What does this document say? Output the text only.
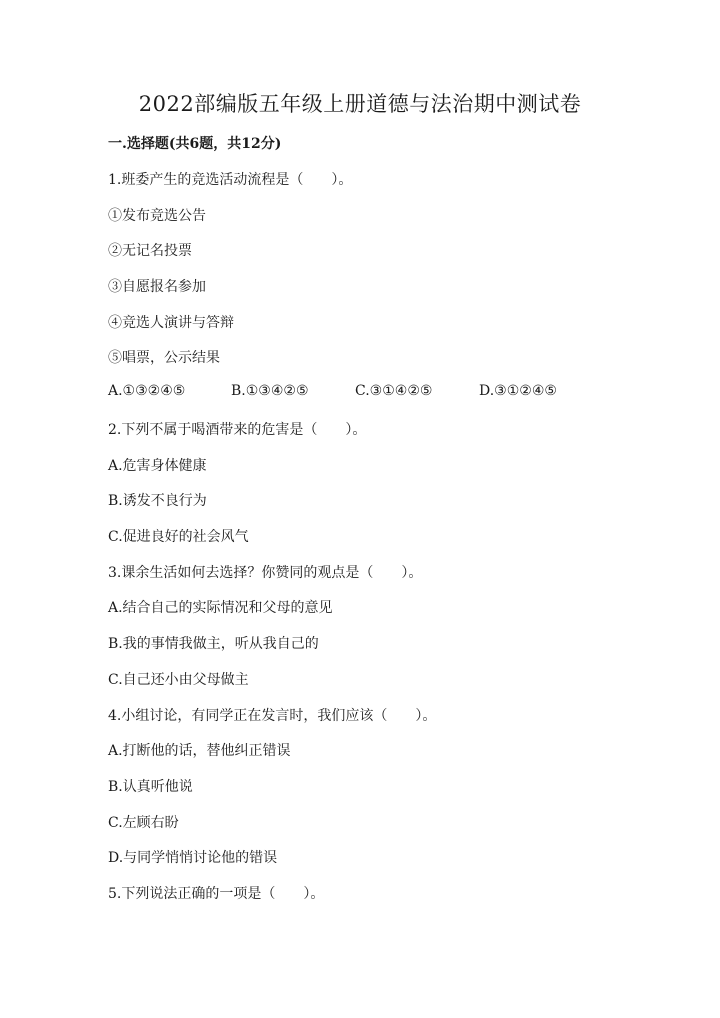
2022部编版五年级上册道德与法治期中测试卷
一.选择题(共6题，共12分)
1.班委产生的竞选活动流程是（　　）。
①发布竞选公告
②无记名投票
③自愿报名参加
④竞选人演讲与答辩
⑤唱票，公示结果
A.①③②④⑤	B.①③④②⑤	C.③①④②⑤	D.③①②④⑤
2.下列不属于喝酒带来的危害是（　　）。
A.危害身体健康
B.诱发不良行为
C.促进良好的社会风气
3.课余生活如何去选择？你赞同的观点是（　　）。
A.结合自己的实际情况和父母的意见
B.我的事情我做主，听从我自己的
C.自己还小由父母做主
4.小组讨论，有同学正在发言时，我们应该（　　）。
A.打断他的话，替他纠正错误
B.认真听他说
C.左顾右盼
D.与同学悄悄讨论他的错误
5.下列说法正确的一项是（　　）。
